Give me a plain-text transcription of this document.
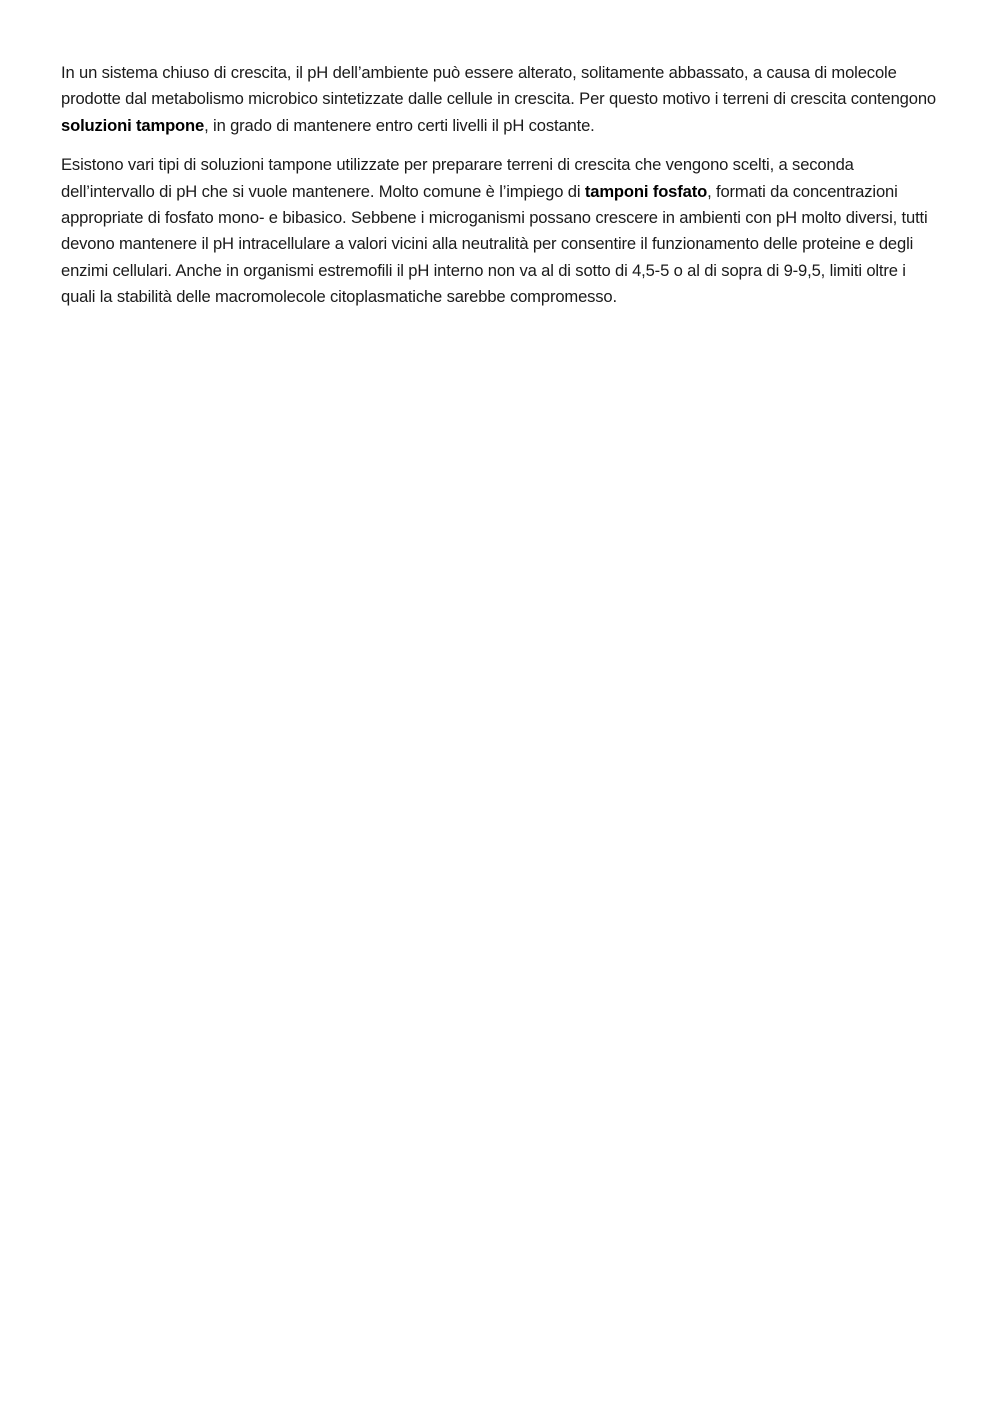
In un sistema chiuso di crescita, il pH dell’ambiente può essere alterato, solitamente abbassato, a causa di molecole prodotte dal metabolismo microbico sintetizzate dalle cellule in crescita. Per questo motivo i terreni di crescita contengono soluzioni tampone, in grado di mantenere entro certi livelli il pH costante.

Esistono vari tipi di soluzioni tampone utilizzate per preparare terreni di crescita che vengono scelti, a seconda dell’intervallo di pH che si vuole mantenere. Molto comune è l’impiego di tamponi fosfato, formati da concentrazioni appropriate di fosfato mono- e bibasico. Sebbene i microganismi possano crescere in ambienti con pH molto diversi, tutti devono mantenere il pH intracellulare a valori vicini alla neutralità per consentire il funzionamento delle proteine e degli enzimi cellulari. Anche in organismi estremofili il pH interno non va al di sotto di 4,5-5 o al di sopra di 9-9,5, limiti oltre i quali la stabilità delle macromolecole citoplasmatiche sarebbe compromesso.
